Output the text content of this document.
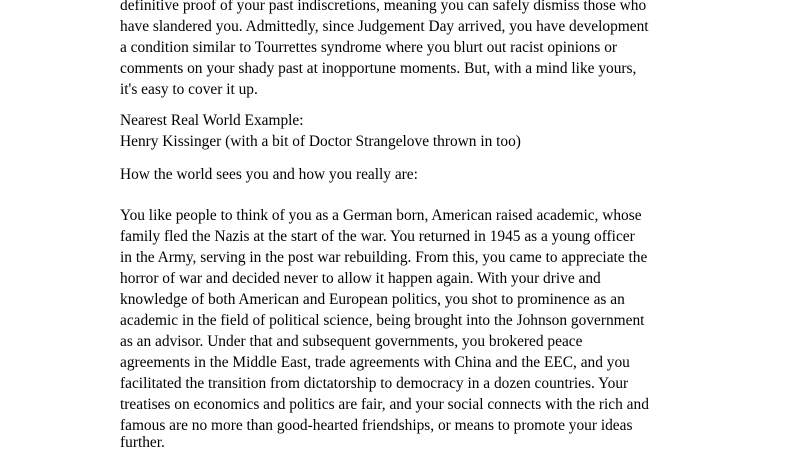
definitive proof of your past indiscretions, meaning you can safely dismiss those who
have slandered you. Admittedly, since Judgement Day arrived, you have development
a condition similar to Tourrettes syndrome where you blurt out racist opinions or
comments on your shady past at inopportune moments. But, with a mind like yours,
it's easy to cover it up.
Nearest Real World Example:
Henry Kissinger (with a bit of Doctor Strangelove thrown in too)
How the world sees you and how you really are:
You like people to think of you as a German born, American raised academic, whose
family fled the Nazis at the start of the war. You returned in 1945 as a young officer
in the Army, serving in the post war rebuilding. From this, you came to appreciate the
horror of war and decided never to allow it happen again. With your drive and
knowledge of both American and European politics, you shot to prominence as an
academic in the field of political science, being brought into the Johnson government
as an advisor. Under that and subsequent governments, you brokered peace
agreements in the Middle East, trade agreements with China and the EEC, and you
facilitated the transition from dictatorship to democracy in a dozen countries. Your
treatises on economics and politics are fair, and your social connects with the rich and
famous are no more than good-hearted friendships, or means to promote your ideas
further.
